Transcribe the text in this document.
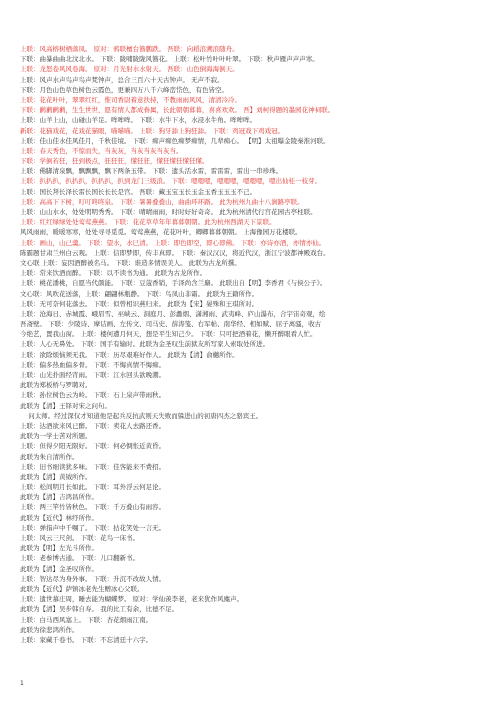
上联：风高榕树栖落凤。 原对：鸦联檀台簪鹏跌。 吾联：向稻浪溯浪随舟。
下联：曲暴曲曲北汶北水。 下联：陇哺陇陇风簪花。 上联：松叶竹叶叶叶翠。 下联：秋声雁声声声寒。
上联：龙怒卷风风卷海。 原对：月光射水水射天。 吾联：山色倒海海倒天。
上联：风声水声鸟声鸟声梵钟声，总合三百六十天古钟声。 无声不寂。
下联：月色山色草色树色云霞色，更兼四万八千六峰峦岱色，有色皆空。
上联：花花叶叶，翠翠红红，惟司香尉着意扶持，不教雨雨风风，清清冷冷。
下联：鹣鹣鹣鹣，生生世世，愿有情人都成眷属，长此朝朝暮暮，喜喜欢欢。 吾】刘柯得题的墨园花神祠联。
上联：山羊上山，山碰山羊足。哞哞哞。 下联：水牛下水，水浸水牛角。哞哞哞。
新联：花猫戏花，花戏花猫眼，喵喵喵。 上联：狗牙舔上狗狂舔。 下联：鸡冠戏下鸡戏冠。
上联：佳山佳水佳风佳月，千秋佳境。 下联：痴声痴色痴梦痴情，几辈痴心。 【明】太祖曝金陵秦淮河联。
上联：春天秀色，不惊而失，当灰灰，当灰当灰当灰当。
下联：学倒若狂，狂到极点，狂狂狂，懂狂狂，懂狂懂狂懂狂懂。
上联：佛脚清泉飘，飘飘飘，飘下两条玉带。 下联：遗头活水雷，雷雷雷，雷出一串珍珠。
上联：扒扒扒，扒扒扒，扒扒扒，扒到龙门三级浪。 下联：嗯嗯嗯，嗯嗯嗯，嗯嗯嗯，嗯出仙桂一枝芽。
上联：国长拜长泽长雷长国长长长是宫。 吾联：藏玉宝玉长玉金玉香玉玉玉不己。
上联：高高下下树，叮叮咚咚泉。 下联：暑暑叠叠山，曲曲环环路。 此为杭州九曲十八涧路亭联。
上联：山山水水，处处明明秀秀。 下联：晴晴雨雨，时时好好奇奇。 此为杭州清代行宫花园古亭柱联。
上联：红红绿绿处处莺莺燕燕。 下联：花花草草年年暮暮朝朝。此为杭州西湖天下景联。
风风雨雨，暖暖寒寒，处处寻寻觅觅。莺莺燕燕，花花叶叶，卿卿暮暮朝朝。 上海豫园万花楼联。
上联：画山，山已羹。 下联：望水，水巳清。 上联：即色即空，即心即佛。 下联：亦诗亦酒，亦情亦仙。
陈霸题甘肃兰州白云观。 上联：信即梦即，传丰真即。 下联：秦汉汉汉，将近代汉，浙江宁波都神殿戏台。
文心联 上联：妄因酒醉被名马。 下联：谁造多情误美人。 此联为古龙所撰。
上联：常来饮酒而醉。 下联：以不读书为通。 此联为古龙所作。
上联：桃花潘桃，自愿当代颜能。 下联：豆蔻香销，手泽尚含兰麝。 此联出自【明】李香君《与侯公子》。
文心联：风吹花送落，上联：翩翩林瓶静。 下联：鸟凤山非霜。 此联为王籍所作。
上联：无可奈何花落去。 下联：似曾相识燕归来。 此联为【宋】晏殊和王琪所对。
上联：沧海日、赤城霞、峨眉雪、巫峡云、洞庭月、彭蠡烟、潇湘雨、武夷峰、庐山瀑布，合宇宙奇观，绘
吾斋壁。 下联：少陵诗、摩诘画、左传文、司马史、薛涛笺、右军帖、南华经、相如赋、屈子离骚，收古
今绝艺，置我山窗。 上联：楼何遭月何天，想是平生知己少。 下联：只可把酒着花，懒开醉眼看人忙。
上联：人心无鼻处。 下联：国手有输时。此联为金圣叹生前狱友所写家人索取处所进。
上联：欲除烦恼须无我。 下联：历尽艰难好作人。 此联为【清】俞樾所作。
上联：偏多热血偏多骨。 下联：不悔真情不悔痴。
上联：山光扑面经宵雨。 下联：江水回头欲晚潮。
此联为郑板桥与罗聘对。
上联：孙位树色云为岭。 下联：石上泉声带雨秋。
此联为【清】王铎对宋之问句。
问太师。经过深仅才知道他是起兵反抗武则天失败而躲进山的初唐四杰之骆宾王。
上联：达酒欲来风已醉。 下联：卖花人去路还香。
此联为一学士苦对所题。
上联：但得夕阳无限好。 下联：何必惆怅近黄昏。
此联为朱自清所作。
上联：旧书细读犹多味。 下联：佳客能来不费招。
此联为【清】黄钺所作。
上联：松间明月长如此。 下联：耳外浮云何足论。
此联为【清】吉鸿昌所作。
上联：两三竿竹皆秋色。 下联：千万叠山有雨容。
此联为【近代】林纾所作。
上联：弹指声中千嘱了。 下联：拈花笑处一言无。
上联：风云三尺剑。 下联：花鸟一床书。
此联为【明】左光斗所作。
上联：老参博古通。 下联：儿口翻新书。
此联为【清】金圣叹所作。
上联：智达尽为身外事。 下联：升沉不改故人情。
此联为【近代】萨镇冰老先生赠冰心父联。
上联：遗世慕庄周，睡去能为蝴蝶梦。 原对：学仙羡李老，老来犹作风麋声。
此联为【清】吴步韩自寿。 我的比工有余，比德不足。
上联：白马西风塞上。 下联：杏花烟雨江南。
此联为徐悲鸿所作。
上联：家藏千卷书。 下联：不忘清廷十六字。
1
